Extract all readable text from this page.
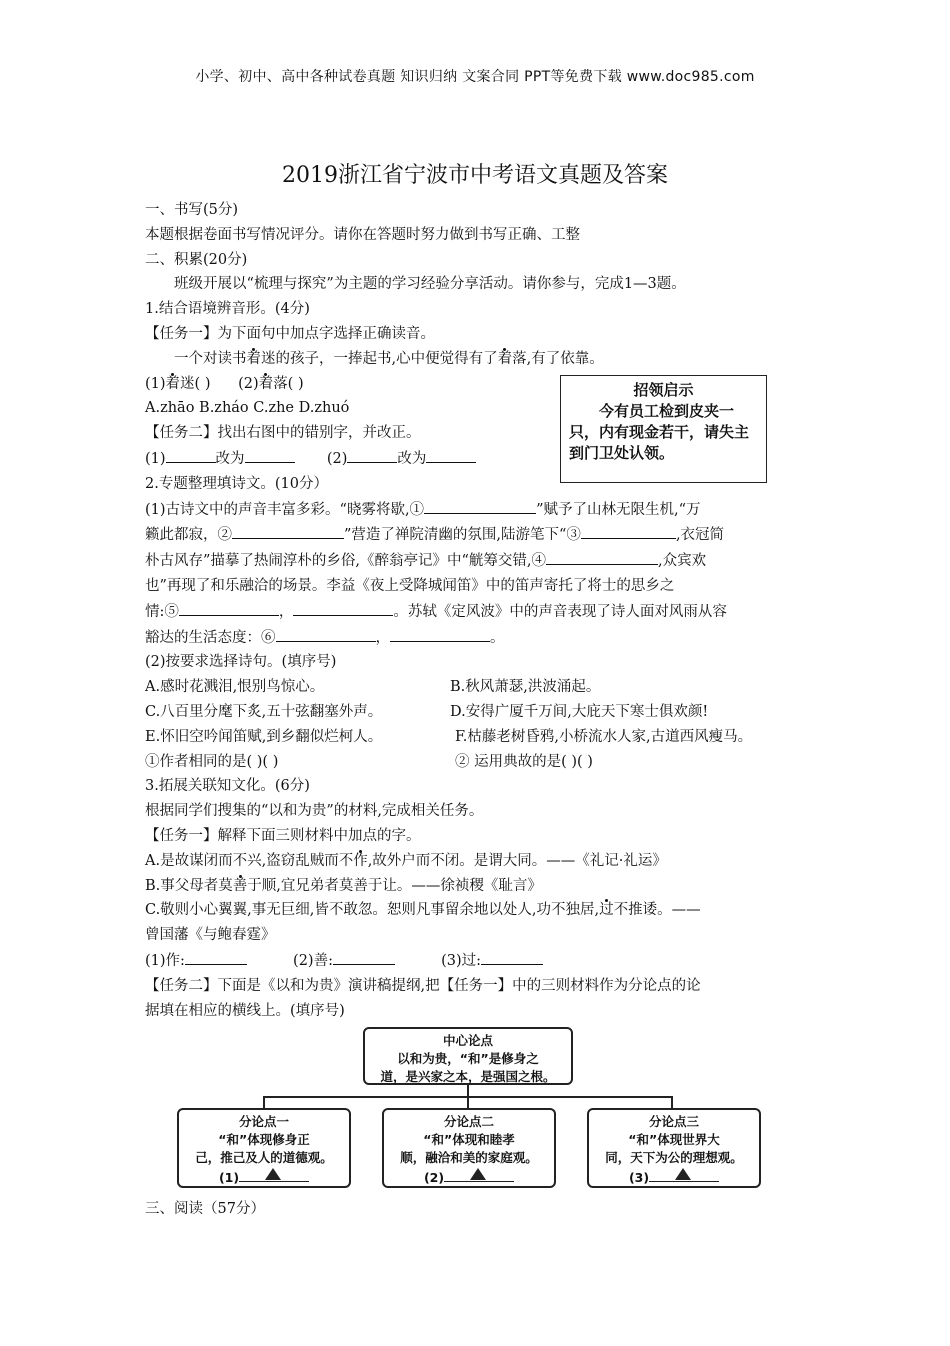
小学、初中、高中各种试卷真题 知识归纳 文案合同 PPT等免费下载 www.doc985.com
2019浙江省宁波市中考语文真题及答案

一、书写(5分)

本题根据卷面书写情况评分。请你在答题时努力做到书写正确、工整

二、积累(20分)

班级开展以“梳理与探究”为主题的学习经验分享活动。请你参与，完成1—3题。

1.结合语境辨音形。(4分)

【任务一】为下面句中加点字选择正确读音。

一个对读书着迷的孩子，一捧起书,心中便觉得有了着落,有了依靠。

(1)着迷( ) (2)着落( )

A.zhāo B.zháo C.zhe D.zhuó

【任务二】找出右图中的错别字，并改正。

(1)	改为	(2)	改为

2.专题整理填诗文。(10分）

(1)古诗文中的声音丰富多彩。“晓雾将歇,①	”赋予了山林无限生机,“万

籁此都寂，②	”营造了禅院清幽的氛围,陆游笔下“③	,衣冠简

朴古风存”描摹了热闹淳朴的乡俗,《醉翁亭记》中“觥筹交错,④	,众宾欢

也”再现了和乐融洽的场景。李益《夜上受降城闻笛》中的笛声寄托了将士的思乡之

情:⑤	，	。苏轼《定风波》中的声音表现了诗人面对风雨从容

豁达的生活态度：⑥	，	。

(2)按要求选择诗句。(填序号)

A.感时花溅泪,恨别鸟惊心。	B.秋风萧瑟,洪波涌起。

C.八百里分麾下炙,五十弦翻塞外声。	D.安得广厦千万间,大庇天下寒士俱欢颜!

E.怀旧空吟闻笛赋,到乡翻似烂柯人。	F.枯藤老树昏鸦,小桥流水人家,古道西风瘦马。

①作者相同的是( )( )	② 运用典故的是( )( )

3.拓展关联知文化。(6分)

根据同学们搜集的“以和为贵”的材料,完成相关任务。

【任务一】解释下面三则材料中加点的字。

A.是故谋闭而不兴,盗窃乱贼而不作,故外户而不闭。是谓大同。——《礼记·礼运》

B.事父母者莫善于顺,宜兄弟者莫善于让。——徐祯稷《耻言》

C.敬则小心翼翼,事无巨细,皆不敢忽。恕则凡事留余地以处人,功不独居,过不推诿。——

曾国藩《与鲍春霆》

(1)作:	(2)善:	(3)过:

【任务二】下面是《以和为贵》演讲稿提纲,把【任务一】中的三则材料作为分论点的论

据填在相应的横线上。(填序号)

招领启示
今有员工检到皮夹一只，内有现金若干，请失主到门卫处认领。
中心论点
以和为贵，“和”是修身之
道，是兴家之本，是强国之根。
分论点一
“和”体现修身正
己，推己及人的道德观。
(1)
分论点二
“和”体现和睦孝
顺，融洽和美的家庭观。
(2)
分论点三
“和”体现世界大
同，天下为公的理想观。
(3)
三、阅读（57分）
